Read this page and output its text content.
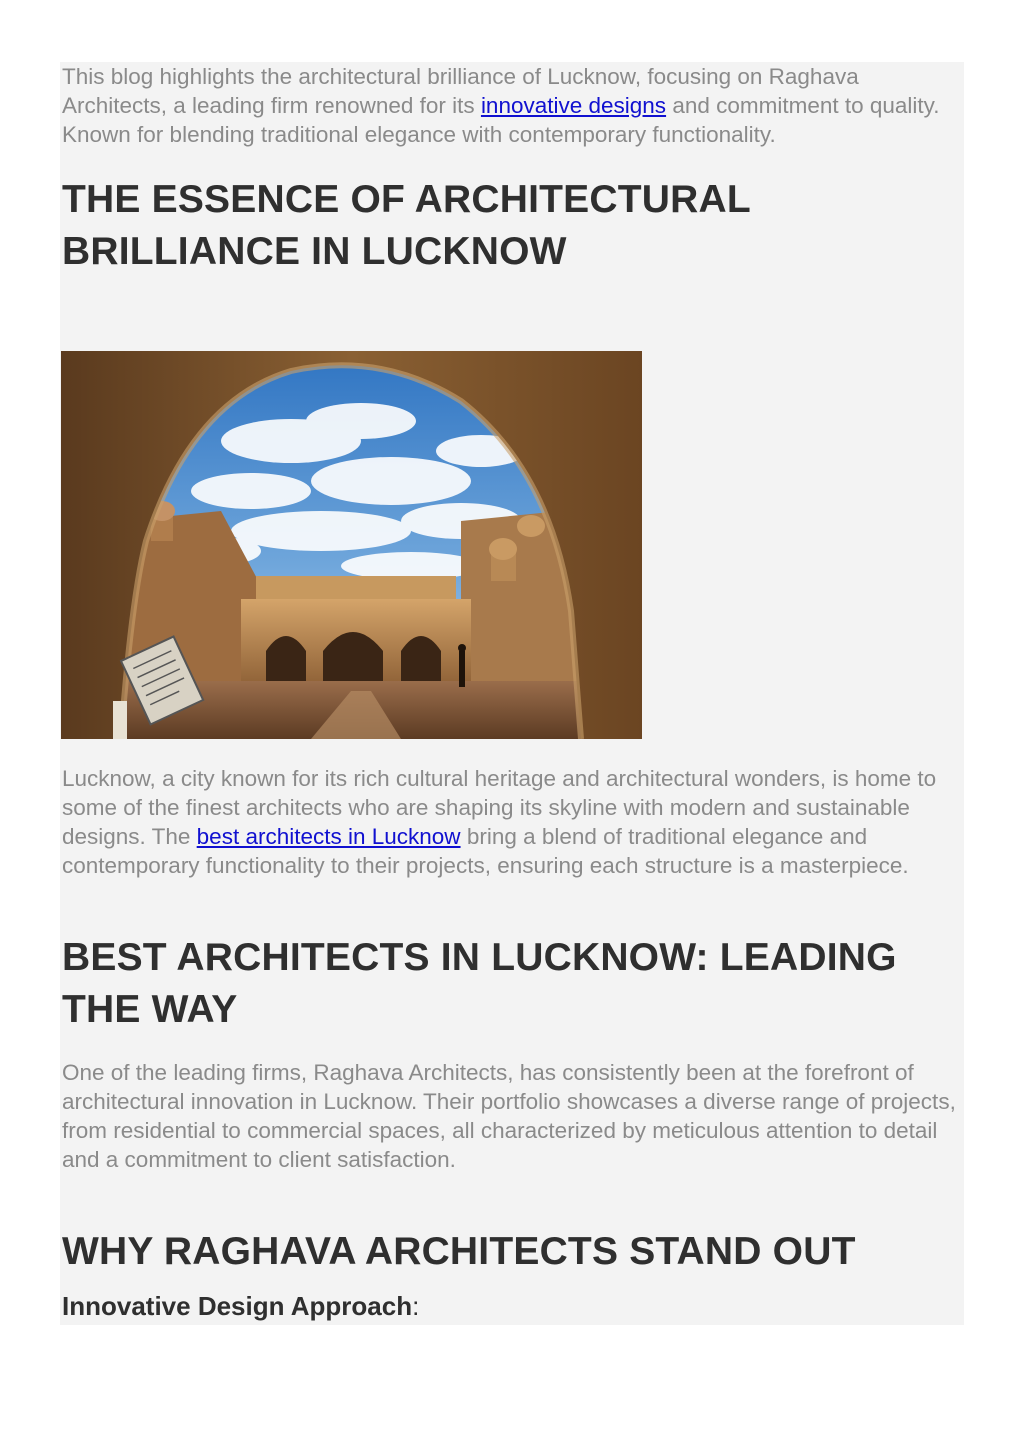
This blog highlights the architectural brilliance of Lucknow, focusing on Raghava Architects, a leading firm renowned for its innovative designs and commitment to quality. Known for blending traditional elegance with contemporary functionality.

THE ESSENCE OF ARCHITECTURAL
BRILLIANCE IN LUCKNOW

Lucknow, a city known for its rich cultural heritage and architectural wonders, is home to some of the finest architects who are shaping its skyline with modern and sustainable designs. The best architects in Lucknow bring a blend of traditional elegance and contemporary functionality to their projects, ensuring each structure is a masterpiece.

BEST ARCHITECTS IN LUCKNOW: LEADING
THE WAY

One of the leading firms, Raghava Architects, has consistently been at the forefront of architectural innovation in Lucknow. Their portfolio showcases a diverse range of projects, from residential to commercial spaces, all characterized by meticulous attention to detail and a commitment to client satisfaction.

WHY RAGHAVA ARCHITECTS STAND OUT

Innovative Design Approach:
